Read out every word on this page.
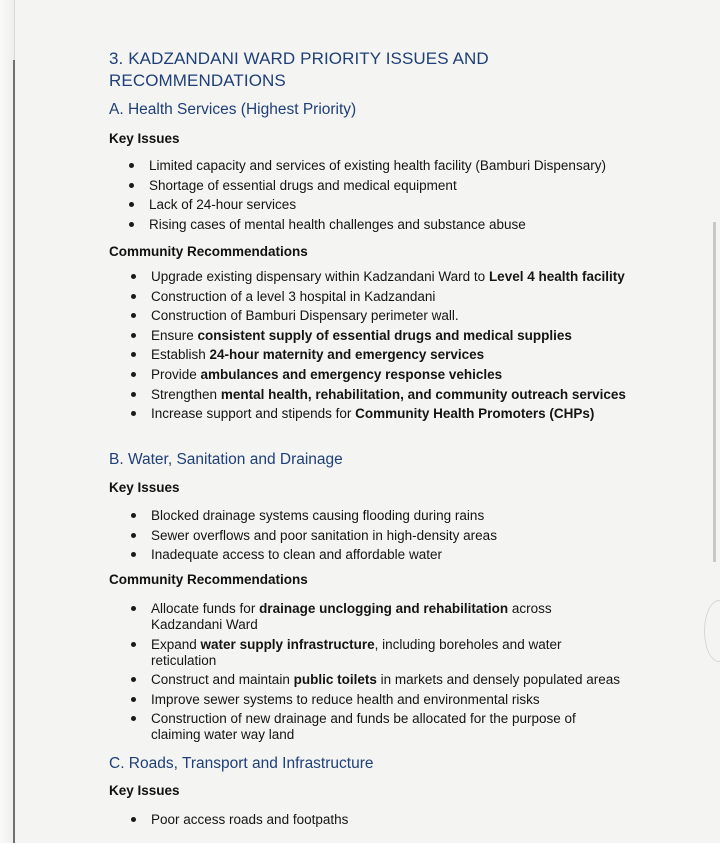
3. KADZANDANI WARD PRIORITY ISSUES AND RECOMMENDATIONS
A. Health Services (Highest Priority)
Key Issues
Limited capacity and services of existing health facility (Bamburi Dispensary)
Shortage of essential drugs and medical equipment
Lack of 24-hour services
Rising cases of mental health challenges and substance abuse
Community Recommendations
Upgrade existing dispensary within Kadzandani Ward to Level 4 health facility
Construction of a level 3 hospital in Kadzandani
Construction of Bamburi Dispensary perimeter wall.
Ensure consistent supply of essential drugs and medical supplies
Establish 24-hour maternity and emergency services
Provide ambulances and emergency response vehicles
Strengthen mental health, rehabilitation, and community outreach services
Increase support and stipends for Community Health Promoters (CHPs)
B. Water, Sanitation and Drainage
Key Issues
Blocked drainage systems causing flooding during rains
Sewer overflows and poor sanitation in high-density areas
Inadequate access to clean and affordable water
Community Recommendations
Allocate funds for drainage unclogging and rehabilitation across Kadzandani Ward
Expand water supply infrastructure, including boreholes and water reticulation
Construct and maintain public toilets in markets and densely populated areas
Improve sewer systems to reduce health and environmental risks
Construction of new drainage and funds be allocated for the purpose of claiming water way land
C. Roads, Transport and Infrastructure
Key Issues
Poor access roads and footpaths
